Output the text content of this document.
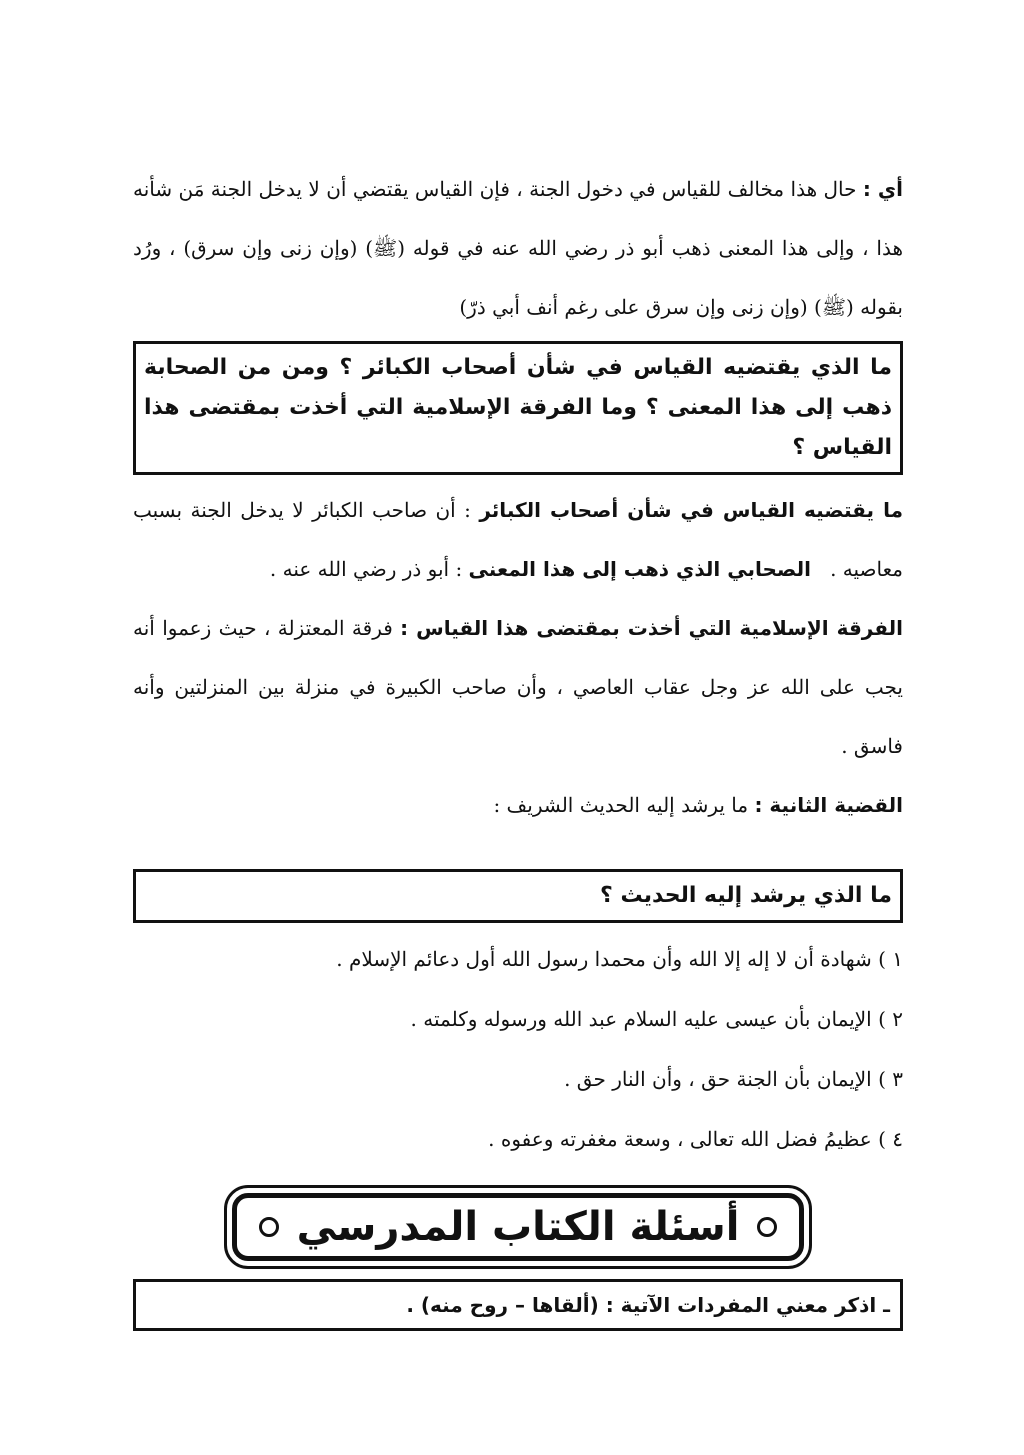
أي : حال هذا مخالف للقياس في دخول الجنة ، فإن القياس يقتضي أن لا يدخل الجنة مَن شأنه هذا ، وإلى هذا المعنى ذهب أبو ذر رضي الله عنه في قوله (ﷺ) (وإن زنى وإن سرق) ، ورُد بقوله (ﷺ) (وإن زنى وإن سرق على رغم أنف أبي ذرّ)

ما الذي يقتضيه القياس في شأن أصحاب الكبائر ؟ ومن من الصحابة ذهب إلى هذا المعنى ؟ وما الفرقة الإسلامية التي أخذت بمقتضى هذا القياس ؟

ما يقتضيه القياس في شأن أصحاب الكبائر : أن صاحب الكبائر لا يدخل الجنة بسبب معاصيه .   الصحابي الذي ذهب إلى هذا المعنى : أبو ذر رضي الله عنه .

الفرقة الإسلامية التي أخذت بمقتضى هذا القياس : فرقة المعتزلة ، حيث زعموا أنه يجب على الله عز وجل عقاب العاصي ، وأن صاحب الكبيرة في منزلة بين المنزلتين وأنه فاسق .

القضية الثانية : ما يرشد إليه الحديث الشريف :

ما الذي يرشد إليه الحديث ؟

١ ) شهادة أن لا إله إلا الله وأن محمدا رسول الله أول دعائم الإسلام .

٢ ) الإيمان بأن عيسى عليه السلام عبد الله ورسوله وكلمته .

٣ ) الإيمان بأن الجنة حق ، وأن النار حق .

٤ ) عظيمُ فضل الله تعالى ، وسعة مغفرته وعفوه .

أسئلة الكتاب المدرسي
ـ اذكر معني المفردات الآتية : (ألقاها – روح منه) .
